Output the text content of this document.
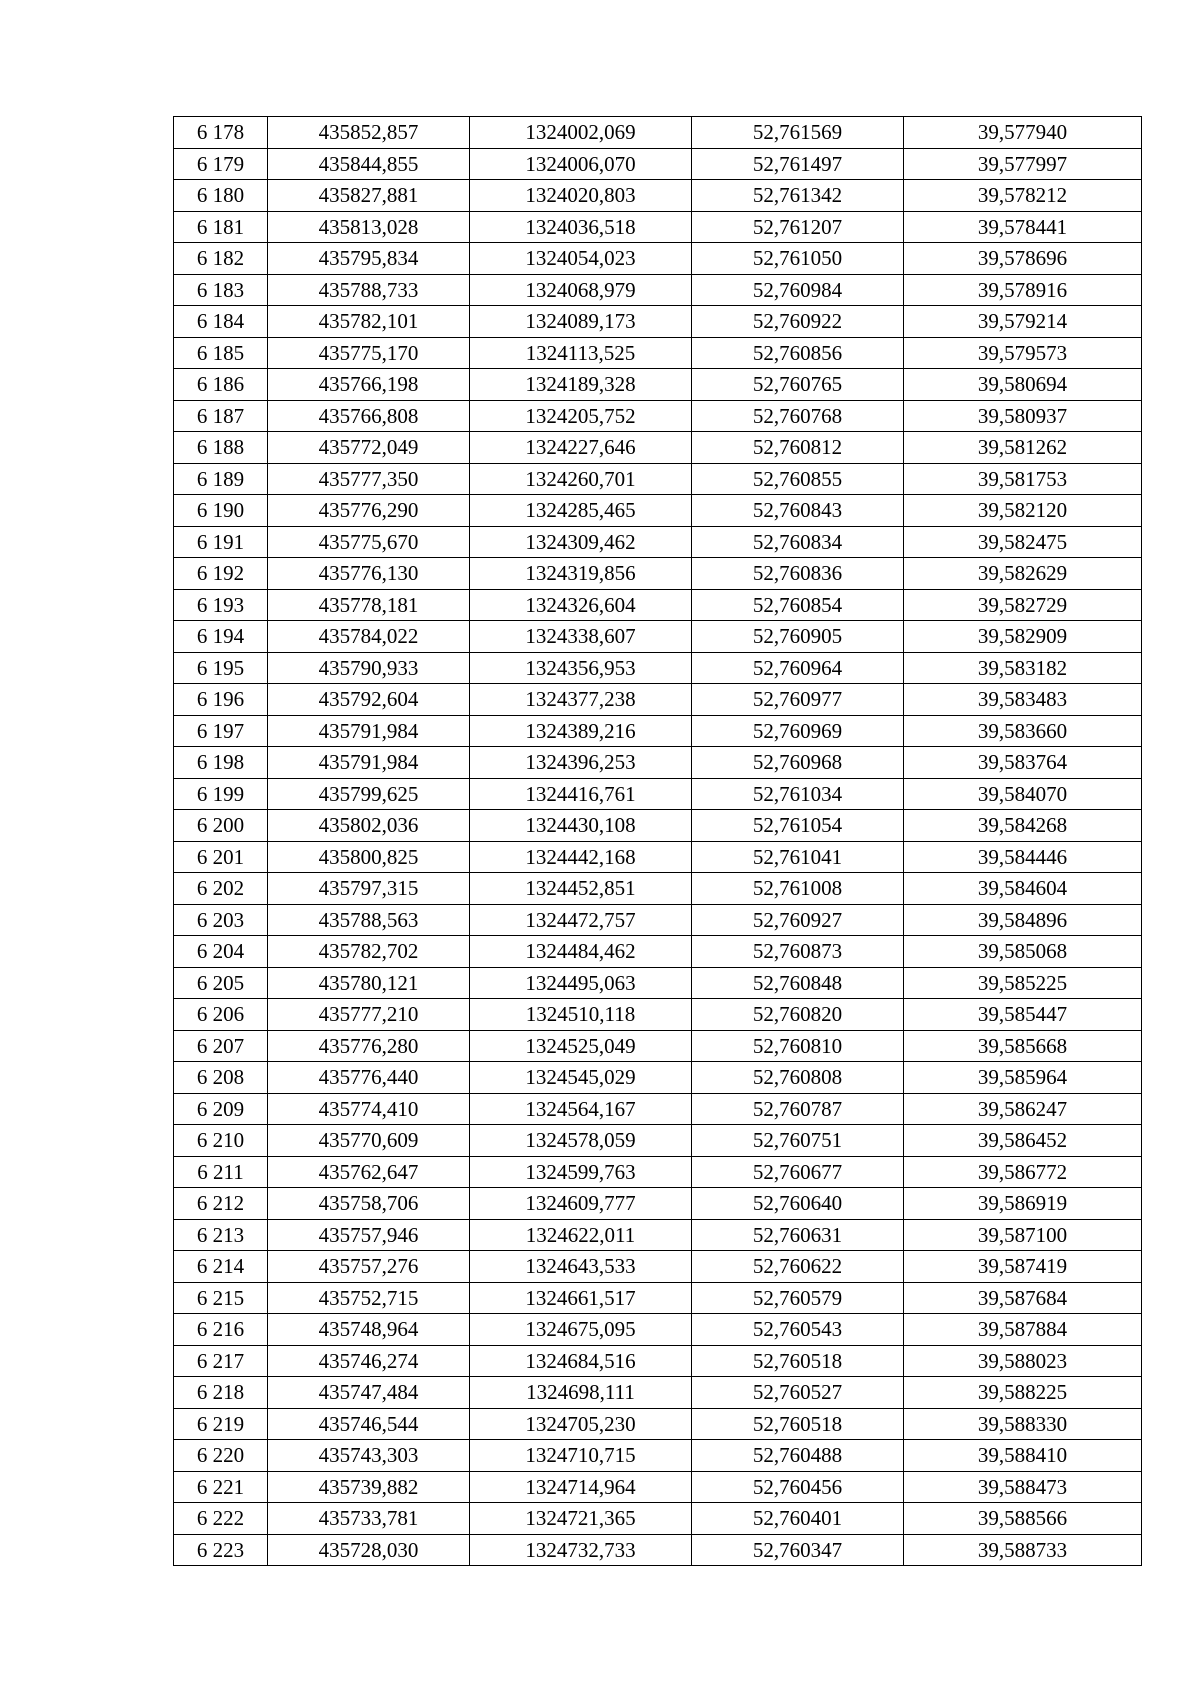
6 178	435852,857	1324002,069	52,761569	39,577940
6 179	435844,855	1324006,070	52,761497	39,577997
6 180	435827,881	1324020,803	52,761342	39,578212
6 181	435813,028	1324036,518	52,761207	39,578441
6 182	435795,834	1324054,023	52,761050	39,578696
6 183	435788,733	1324068,979	52,760984	39,578916
6 184	435782,101	1324089,173	52,760922	39,579214
6 185	435775,170	1324113,525	52,760856	39,579573
6 186	435766,198	1324189,328	52,760765	39,580694
6 187	435766,808	1324205,752	52,760768	39,580937
6 188	435772,049	1324227,646	52,760812	39,581262
6 189	435777,350	1324260,701	52,760855	39,581753
6 190	435776,290	1324285,465	52,760843	39,582120
6 191	435775,670	1324309,462	52,760834	39,582475
6 192	435776,130	1324319,856	52,760836	39,582629
6 193	435778,181	1324326,604	52,760854	39,582729
6 194	435784,022	1324338,607	52,760905	39,582909
6 195	435790,933	1324356,953	52,760964	39,583182
6 196	435792,604	1324377,238	52,760977	39,583483
6 197	435791,984	1324389,216	52,760969	39,583660
6 198	435791,984	1324396,253	52,760968	39,583764
6 199	435799,625	1324416,761	52,761034	39,584070
6 200	435802,036	1324430,108	52,761054	39,584268
6 201	435800,825	1324442,168	52,761041	39,584446
6 202	435797,315	1324452,851	52,761008	39,584604
6 203	435788,563	1324472,757	52,760927	39,584896
6 204	435782,702	1324484,462	52,760873	39,585068
6 205	435780,121	1324495,063	52,760848	39,585225
6 206	435777,210	1324510,118	52,760820	39,585447
6 207	435776,280	1324525,049	52,760810	39,585668
6 208	435776,440	1324545,029	52,760808	39,585964
6 209	435774,410	1324564,167	52,760787	39,586247
6 210	435770,609	1324578,059	52,760751	39,586452
6 211	435762,647	1324599,763	52,760677	39,586772
6 212	435758,706	1324609,777	52,760640	39,586919
6 213	435757,946	1324622,011	52,760631	39,587100
6 214	435757,276	1324643,533	52,760622	39,587419
6 215	435752,715	1324661,517	52,760579	39,587684
6 216	435748,964	1324675,095	52,760543	39,587884
6 217	435746,274	1324684,516	52,760518	39,588023
6 218	435747,484	1324698,111	52,760527	39,588225
6 219	435746,544	1324705,230	52,760518	39,588330
6 220	435743,303	1324710,715	52,760488	39,588410
6 221	435739,882	1324714,964	52,760456	39,588473
6 222	435733,781	1324721,365	52,760401	39,588566
6 223	435728,030	1324732,733	52,760347	39,588733
